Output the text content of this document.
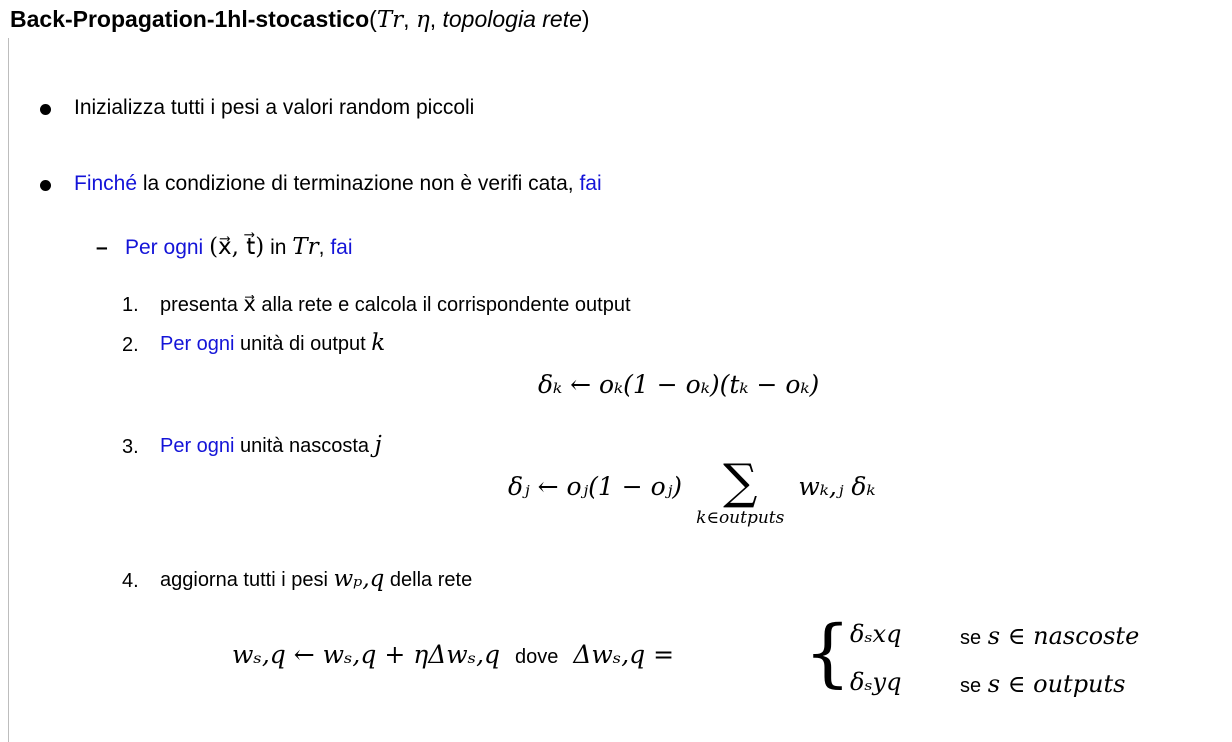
Back-Propagation-1hl-stocastico(Tr, η, topologia rete)
Inizializza tutti i pesi a valori random piccoli
Finché la condizione di terminazione non è verifi cata, fai
– Per ogni (x⃗, t⃗) in Tr, fai
1. presenta x⃗ alla rete e calcola il corrispondente output
2. Per ogni unità di output k
δₖ ← oₖ(1 − oₖ)(tₖ − oₖ)
3. Per ogni unità nascosta j
δⱼ ← oⱼ(1 − oⱼ) ∑
k∈outputs
wₖ,ⱼ δₖ
4. aggiorna tutti i pesi wₚ,q della rete
wₛ,q ← wₛ,q + ηΔwₛ,q dove Δwₛ,q = {
δₛxq	se s ∈ nascoste
δₛyq	se s ∈ outputs
